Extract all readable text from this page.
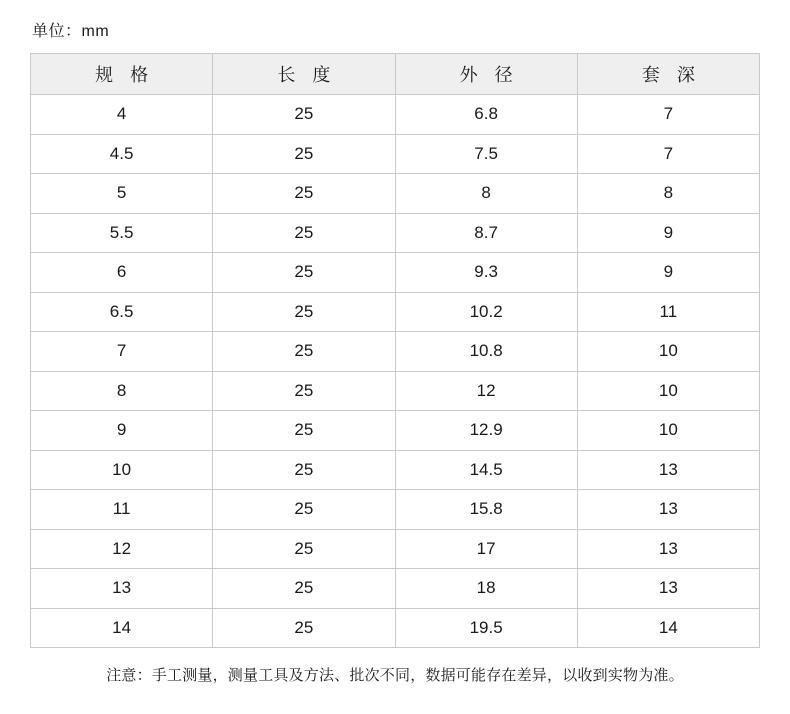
单位：mm
规 格	长 度	外 径	套 深
4	25	6.8	7
4.5	25	7.5	7
5	25	8	8
5.5	25	8.7	9
6	25	9.3	9
6.5	25	10.2	11
7	25	10.8	10
8	25	12	10
9	25	12.9	10
10	25	14.5	13
11	25	15.8	13
12	25	17	13
13	25	18	13
14	25	19.5	14
注意：手工测量，测量工具及方法、批次不同，数据可能存在差异，以收到实物为准。
